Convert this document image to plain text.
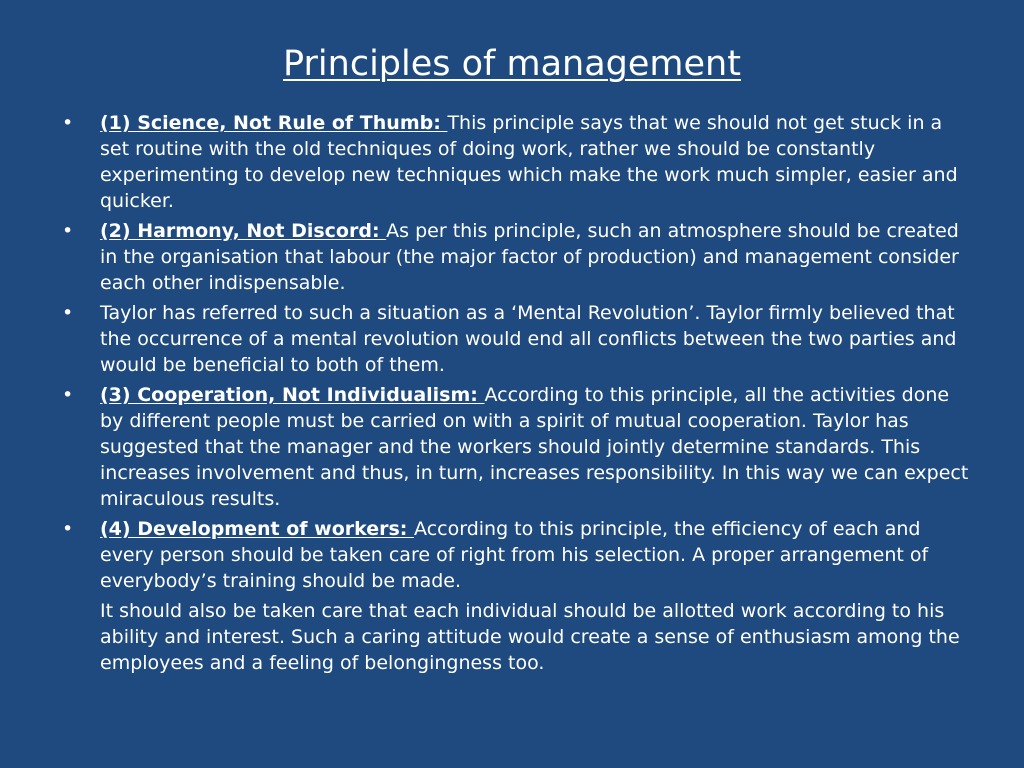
Principles of management
• (1) Science, Not Rule of Thumb: This principle says that we should not get stuck in a set routine with the old techniques of doing work, rather we should be constantly experimenting to develop new techniques which make the work much simpler, easier and quicker.
• (2) Harmony, Not Discord: As per this principle, such an atmosphere should be created in the organisation that labour (the major factor of production) and management consider each other indispensable.
• Taylor has referred to such a situation as a ‘Mental Revolution’. Taylor firmly believed that the occurrence of a mental revolution would end all conflicts between the two parties and would be beneficial to both of them.
• (3) Cooperation, Not Individualism: According to this principle, all the activities done by different people must be carried on with a spirit of mutual cooperation. Taylor has suggested that the manager and the workers should jointly determine standards. This increases involvement and thus, in turn, increases responsibility. In this way we can expect miraculous results.
• (4) Development of workers: According to this principle, the efficiency of each and every person should be taken care of right from his selection. A proper arrangement of everybody’s training should be made.
It should also be taken care that each individual should be allotted work according to his ability and interest. Such a caring attitude would create a sense of enthusiasm among the employees and a feeling of belongingness too.
